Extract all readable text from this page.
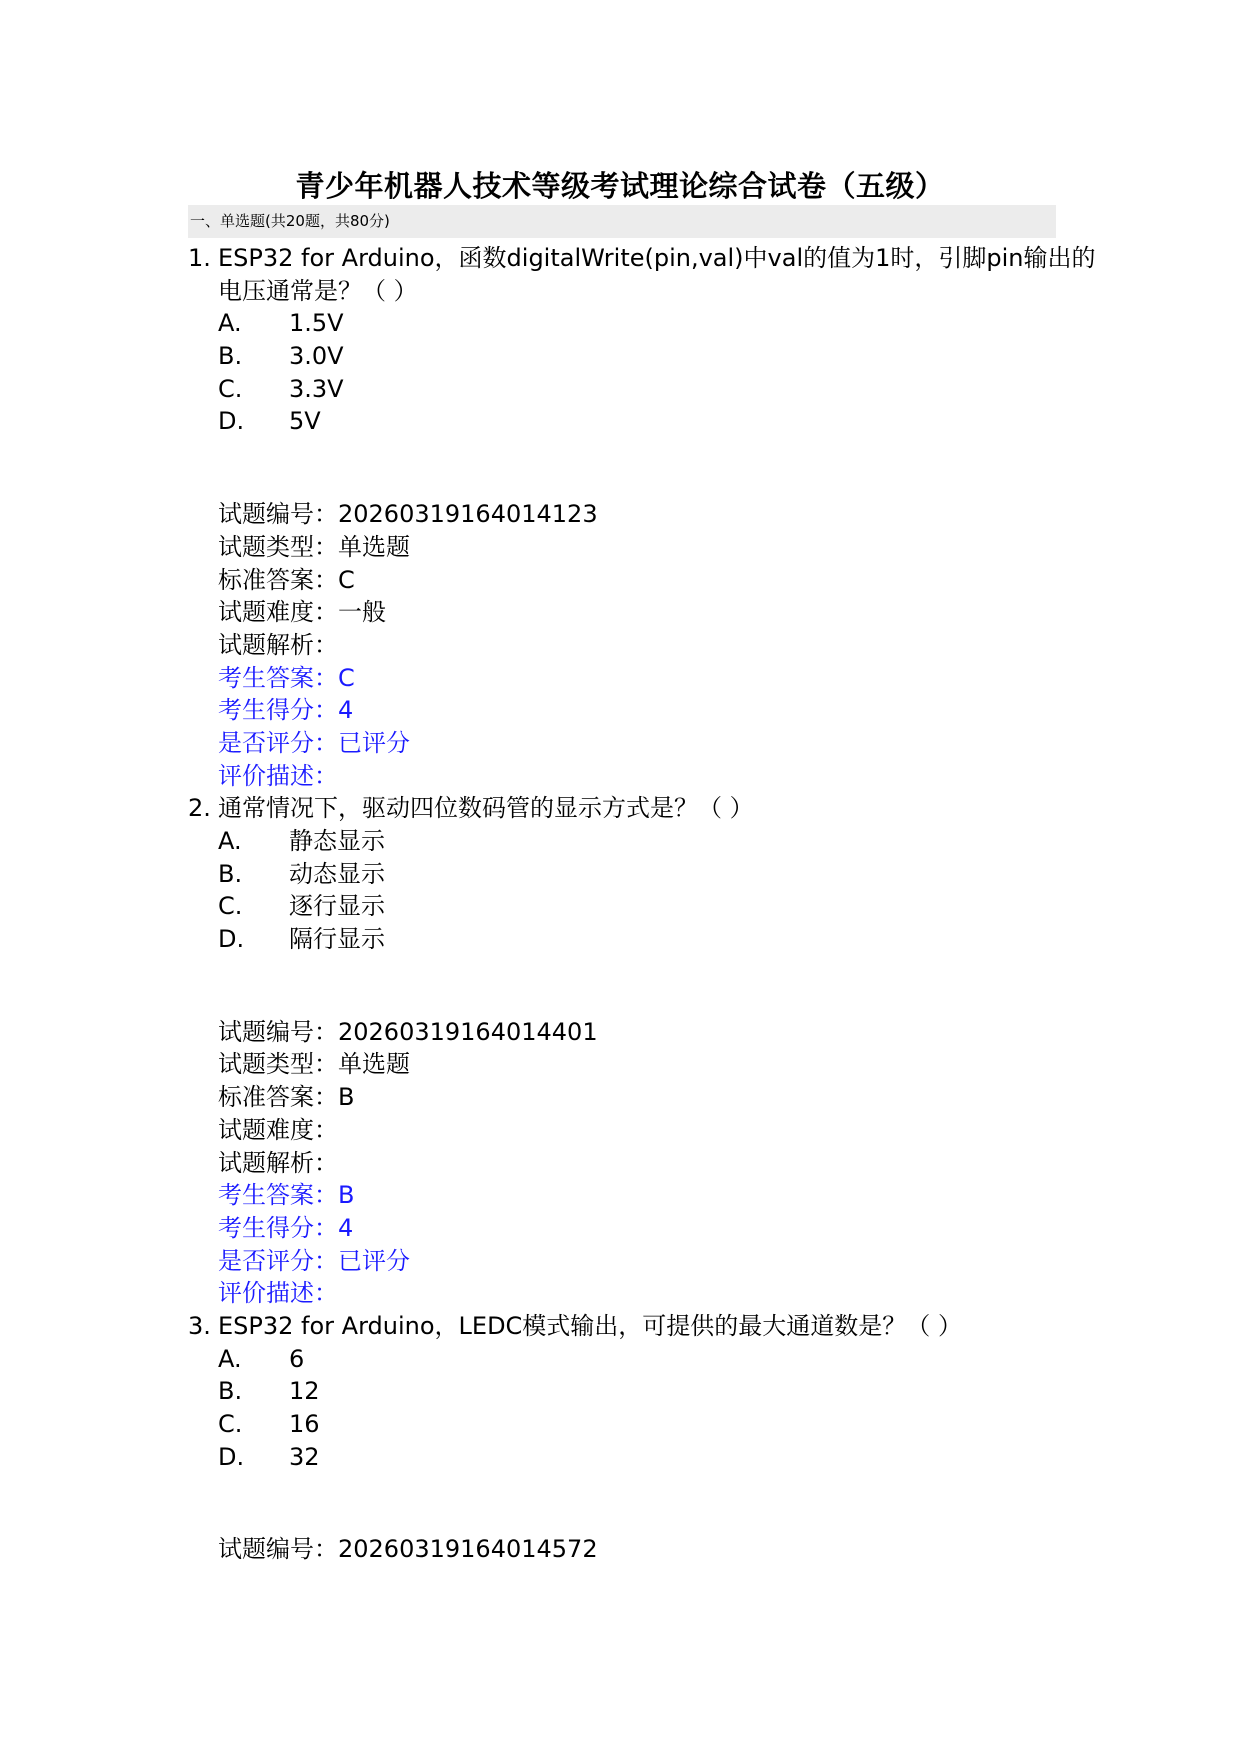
青少年机器人技术等级考试理论综合试卷（五级）
一、单选题(共20题，共80分)
1. ESP32 for Arduino，函数digitalWrite(pin,val)中val的值为1时，引脚pin输出的电压通常是？（ ）
A. 1.5V
B. 3.0V
C. 3.3V
D. 5V
试题编号：20260319164014123
试题类型：单选题
标准答案：C
试题难度：一般
试题解析：
考生答案：C
考生得分：4
是否评分：已评分
评价描述：
2. 通常情况下，驱动四位数码管的显示方式是？（ ）
A. 静态显示
B. 动态显示
C. 逐行显示
D. 隔行显示
试题编号：20260319164014401
试题类型：单选题
标准答案：B
试题难度：
试题解析：
考生答案：B
考生得分：4
是否评分：已评分
评价描述：
3. ESP32 for Arduino，LEDC模式输出，可提供的最大通道数是？（ ）
A. 6
B. 12
C. 16
D. 32
试题编号：20260319164014572
